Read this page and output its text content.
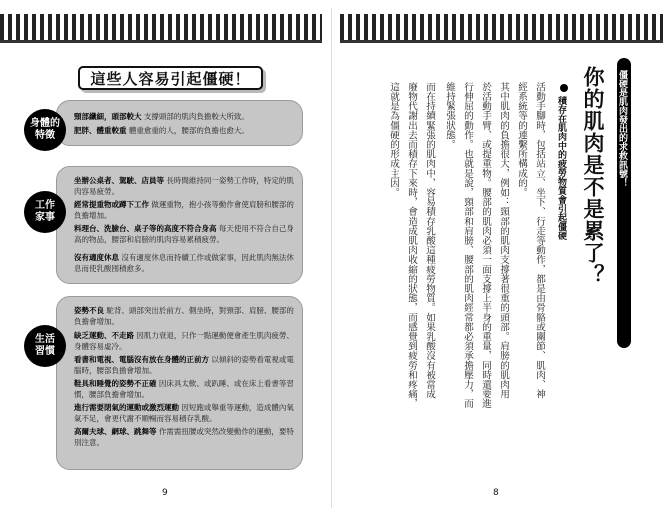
這些人容易引起僵硬！
頸部纖細，頭部較大 支撐頭部的肌肉負擔較大所致。
肥胖、體重較重 體重愈重的人，腰部的負擔也愈大。
身體的
特徵
坐辦公桌者、駕駛、店員等 長時間維持同一姿勢工作時，特定的肌肉容易疲勞。
經常提重物或蹲下工作 做運重物，抱小孩等動作會使肩膀和腰部的負擔增加。
料理台、洗臉台、桌子等的高度不符合身高 每天使用不符合自己身高的物品，腰部和肩膀的肌肉容易累積疲勞。
沒有適度休息 沒有適度休息而持續工作或做家事，因此肌肉無法休息而使乳酸囤積愈多。
工作
家事
姿勢不良 駝背、頭部突出於前方、側坐時，對頸部、肩膀、腰部的負擔會增加。
缺乏運動、不走路 因肌力衰退，只作一點運動便會產生肌肉疲勞、身體容易虛冷。
看書和電視、電腦沒有放在身體的正前方 以傾斜的姿勢看電視或電腦時，腰部負擔會增加。
鞋具和睡覺的姿勢不正確 因床具太軟、或趴睡、或在床上看書等習慣，腰部負擔會增加。
進行需要閉氣的運動或激烈運動 因短跑或舉重等運動，造成體內氧氣不足，會更代謝不順暢而容易積存乳酸。
高爾夫球、網球、跳舞等 作需需扭腰或突然改變動作的運動，要特別注意。
生活
習慣
9
僵硬是肌肉發出的求救訊號！
你的肌肉是不是累了？
積存在肌肉中的疲勞物質會引起僵硬
活動手腳時，包括站立、坐下、行走等動作，都是由骨骼或關節、肌肉、神
經系統等的連繫所構成的。
其中肌肉的負擔很大，例如：頸部的肌肉支撐著很重的頭部。肩膀的肌肉用
於活動手臂、或提重物。腰部的肌肉必須一面支撐上半身的重量，同時還要進
行伸屈的動作。也就是說，頸部和肩膀、腰部的肌肉經常都必須承擔壓力，而
維持緊張狀態。
而在持續緊張的肌肉中，容易積存乳酸這種疲勞物質。如果乳酸沒有被當成
廢物代謝出去而積存下來時，會造成肌肉收縮的狀態，而感覺到疲勞和疼痛，
這就是為僵硬的形成主因。
8
